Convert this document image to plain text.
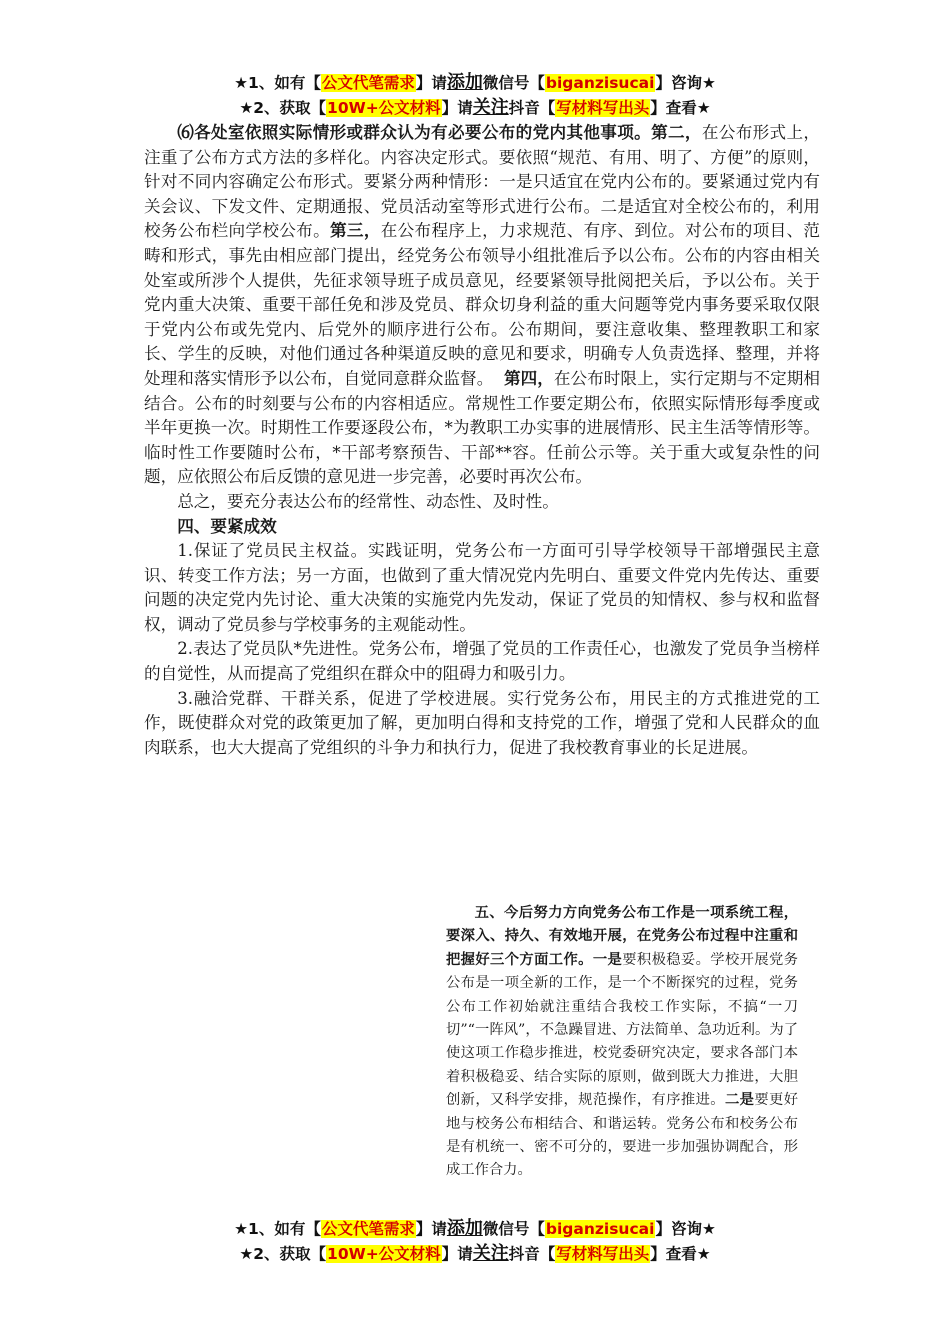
★1、如有【公文代笔需求】请添加微信号【biganzisucai】咨询★
★2、获取【10W+公文材料】请关注抖音【写材料写出头】查看★

⑹各处室依照实际情形或群众认为有必要公布的党内其他事项。第二，在公布形式上，注重了公布方式方法的多样化。内容决定形式。要依照“规范、有用、明了、方便”的原则，针对不同内容确定公布形式。要紧分两种情形：一是只适宜在党内公布的。要紧通过党内有关会议、下发文件、定期通报、党员活动室等形式进行公布。二是适宜对全校公布的，利用校务公布栏向学校公布。第三，在公布程序上，力求规范、有序、到位。对公布的项目、范畴和形式，事先由相应部门提出，经党务公布领导小组批准后予以公布。公布的内容由相关处室或所涉个人提供，先征求领导班子成员意见，经要紧领导批阅把关后，予以公布。关于党内重大决策、重要干部任免和涉及党员、群众切身利益的重大问题等党内事务要采取仅限于党内公布或先党内、后党外的顺序进行公布。公布期间，要注意收集、整理教职工和家长、学生的反映，对他们通过各种渠道反映的意见和要求，明确专人负责选择、整理，并将处理和落实情形予以公布，自觉同意群众监督。 第四，在公布时限上，实行定期与不定期相结合。公布的时刻要与公布的内容相适应。常规性工作要定期公布，依照实际情形每季度或半年更换一次。时期性工作要逐段公布，*为教职工办实事的进展情形、民主生活等情形等。临时性工作要随时公布，*干部考察预告、干部**容。任前公示等。关于重大或复杂性的问题，应依照公布后反馈的意见进一步完善，必要时再次公布。

总之，要充分表达公布的经常性、动态性、及时性。

四、要紧成效

1.保证了党员民主权益。实践证明，党务公布一方面可引导学校领导干部增强民主意识、转变工作方法；另一方面，也做到了重大情况党内先明白、重要文件党内先传达、重要问题的决定党内先讨论、重大决策的实施党内先发动，保证了党员的知情权、参与权和监督权，调动了党员参与学校事务的主观能动性。

2.表达了党员队*先进性。党务公布，增强了党员的工作责任心，也激发了党员争当榜样的自觉性，从而提高了党组织在群众中的阻碍力和吸引力。

3.融洽党群、干群关系，促进了学校进展。实行党务公布，用民主的方式推进党的工作，既使群众对党的政策更加了解，更加明白得和支持党的工作，增强了党和人民群众的血肉联系，也大大提高了党组织的斗争力和执行力，促进了我校教育事业的长足进展。

五、今后努力方向党务公布工作是一项系统工程，要深入、持久、有效地开展，在党务公布过程中注重和把握好三个方面工作。一是要积极稳妥。学校开展党务公布是一项全新的工作，是一个不断探究的过程，党务公布工作初始就注重结合我校工作实际，不搞“一刀切”“一阵风”，不急躁冒进、方法简单、急功近利。为了使这项工作稳步推进，校党委研究决定，要求各部门本着积极稳妥、结合实际的原则，做到既大力推进，大胆创新，又科学安排，规范操作，有序推进。二是要更好地与校务公布相结合、和谐运转。党务公布和校务公布是有机统一、密不可分的，要进一步加强协调配合，形成工作合力。

★1、如有【公文代笔需求】请添加微信号【biganzisucai】咨询★
★2、获取【10W+公文材料】请关注抖音【写材料写出头】查看★
